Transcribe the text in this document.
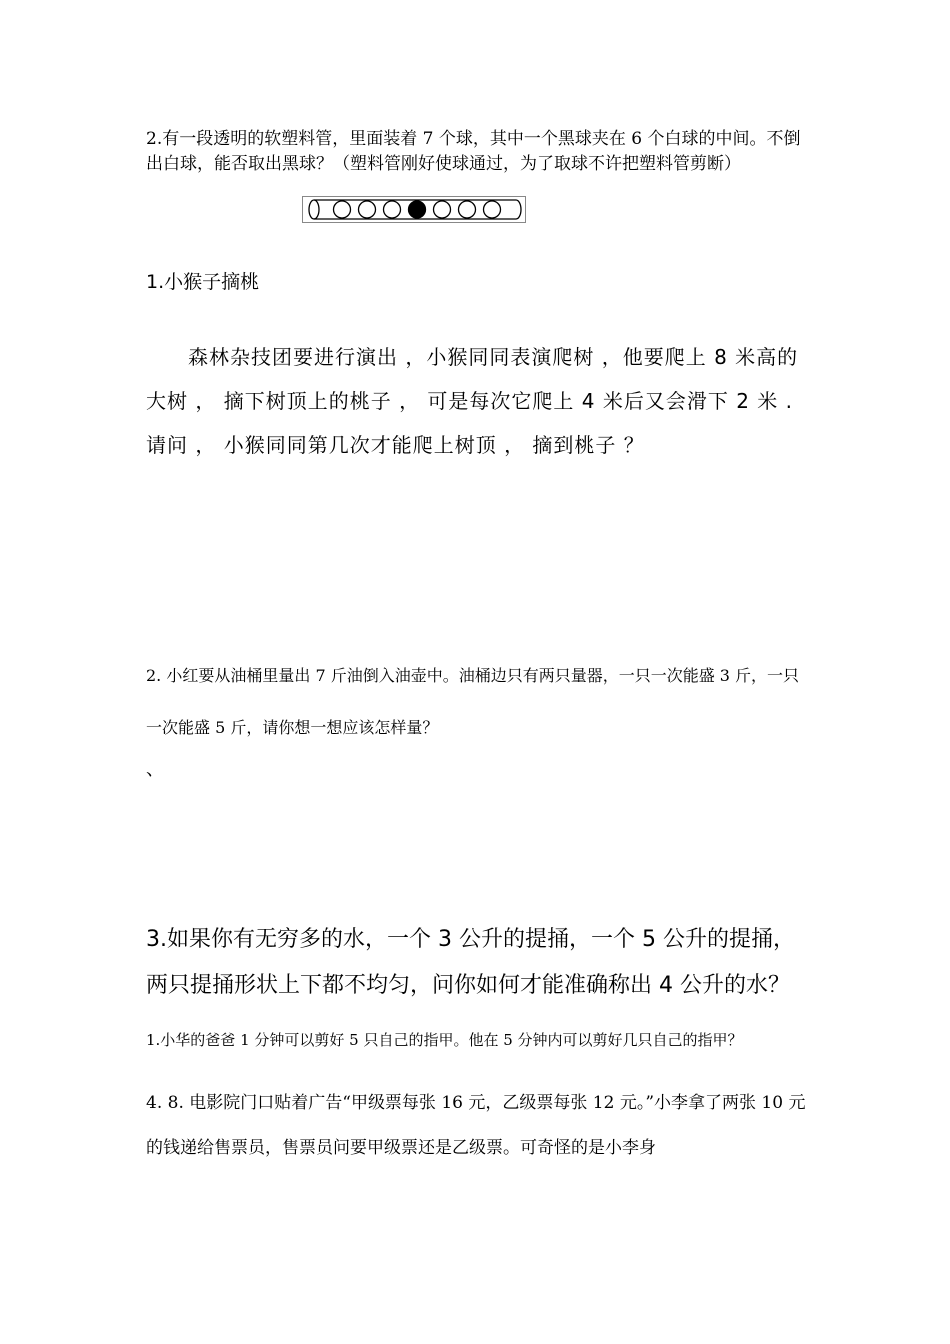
2.有一段透明的软塑料管，里面装着 7 个球，其中一个黑球夹在 6 个白球的中间。不倒出白球，能否取出黑球？（塑料管刚好使球通过，为了取球不许把塑料管剪断）

1.小猴子摘桃

森林杂技团要进行演出 ，小猴同同表演爬树 ，他要爬上 8 米高的大树 ， 摘下树顶上的桃子 ， 可是每次它爬上 4 米后又会滑下 2 米 . 请问 ， 小猴同同第几次才能爬上树顶 ， 摘到桃子 ？

2. 小红要从油桶里量出 7 斤油倒入油壶中。油桶边只有两只量器，一只一次能盛 3 斤，一只一次能盛 5 斤，请你想一想应该怎样量？

、

3.如果你有无穷多的水，一个 3 公升的提捅，一个 5 公升的提捅，两只提捅形状上下都不均匀，问你如何才能准确称出 4 公升的水？

1.小华的爸爸 1 分钟可以剪好 5 只自己的指甲。他在 5 分钟内可以剪好几只自己的指甲？

4. 8. 电影院门口贴着广告“甲级票每张 16 元，乙级票每张 12 元。”小李拿了两张 10 元的钱递给售票员，售票员问要甲级票还是乙级票。可奇怪的是小李身
